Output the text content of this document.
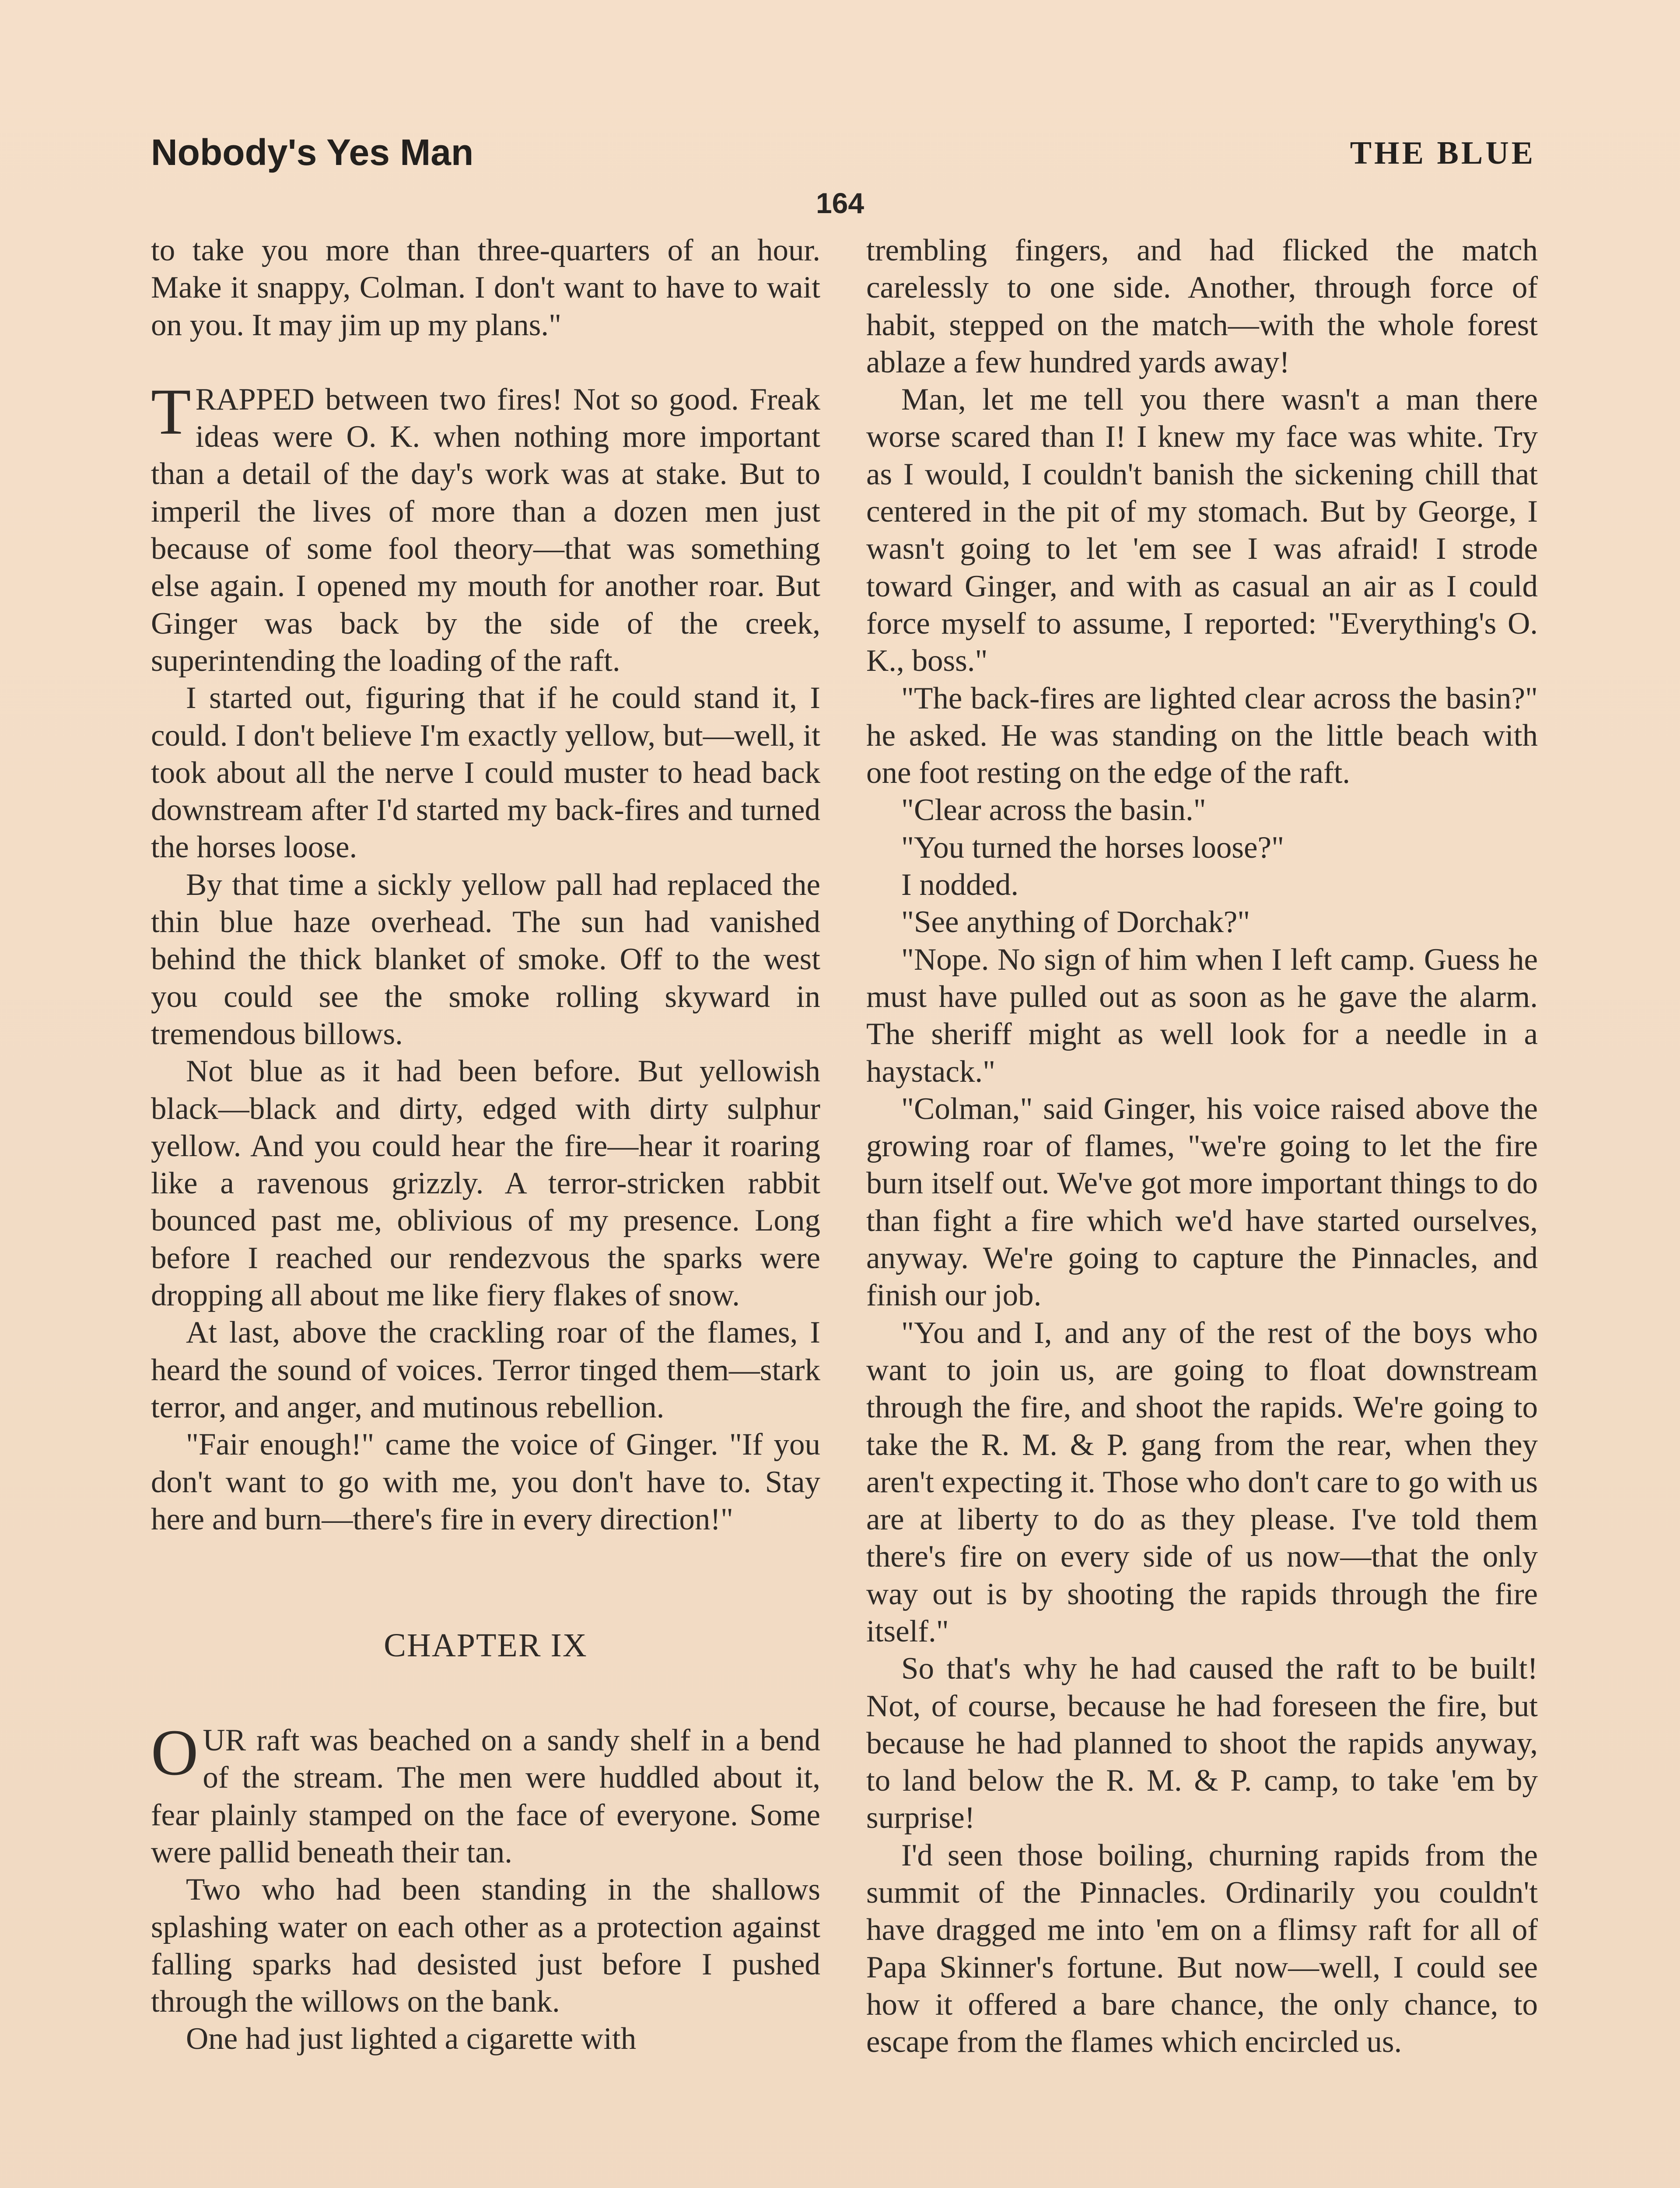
Nobody's Yes Man	THE BLUE
164

to take you more than three-quarters of an hour. Make it snappy, Colman. I don't want to have to wait on you. It may jim up my plans."

TRAPPED between two fires! Not so good. Freak ideas were O. K. when nothing more important than a detail of the day's work was at stake. But to imperil the lives of more than a dozen men just because of some fool theory—that was something else again. I opened my mouth for another roar. But Ginger was back by the side of the creek, superintending the loading of the raft.

I started out, figuring that if he could stand it, I could. I don't believe I'm exactly yellow, but—well, it took about all the nerve I could muster to head back downstream after I'd started my back-fires and turned the horses loose.

By that time a sickly yellow pall had replaced the thin blue haze overhead. The sun had vanished behind the thick blanket of smoke. Off to the west you could see the smoke rolling skyward in tremendous billows.

Not blue as it had been before. But yellowish black—black and dirty, edged with dirty sulphur yellow. And you could hear the fire—hear it roaring like a ravenous grizzly. A terror-stricken rabbit bounced past me, oblivious of my presence. Long before I reached our rendezvous the sparks were dropping all about me like fiery flakes of snow.

At last, above the crackling roar of the flames, I heard the sound of voices. Terror tinged them—stark terror, and anger, and mutinous rebellion.

"Fair enough!" came the voice of Ginger. "If you don't want to go with me, you don't have to. Stay here and burn—there's fire in every direction!"

CHAPTER IX

OUR raft was beached on a sandy shelf in a bend of the stream. The men were huddled about it, fear plainly stamped on the face of everyone. Some were pallid beneath their tan.

Two who had been standing in the shallows splashing water on each other as a protection against falling sparks had desisted just before I pushed through the willows on the bank.

One had just lighted a cigarette with

trembling fingers, and had flicked the match carelessly to one side. Another, through force of habit, stepped on the match—with the whole forest ablaze a few hundred yards away!

Man, let me tell you there wasn't a man there worse scared than I! I knew my face was white. Try as I would, I couldn't banish the sickening chill that centered in the pit of my stomach. But by George, I wasn't going to let 'em see I was afraid! I strode toward Ginger, and with as casual an air as I could force myself to assume, I reported: "Everything's O. K., boss."

"The back-fires are lighted clear across the basin?" he asked. He was standing on the little beach with one foot resting on the edge of the raft.

"Clear across the basin."

"You turned the horses loose?"

I nodded.

"See anything of Dorchak?"

"Nope. No sign of him when I left camp. Guess he must have pulled out as soon as he gave the alarm. The sheriff might as well look for a needle in a haystack."

"Colman," said Ginger, his voice raised above the growing roar of flames, "we're going to let the fire burn itself out. We've got more important things to do than fight a fire which we'd have started ourselves, anyway. We're going to capture the Pinnacles, and finish our job.

"You and I, and any of the rest of the boys who want to join us, are going to float downstream through the fire, and shoot the rapids. We're going to take the R. M. & P. gang from the rear, when they aren't expecting it. Those who don't care to go with us are at liberty to do as they please. I've told them there's fire on every side of us now—that the only way out is by shooting the rapids through the fire itself."

So that's why he had caused the raft to be built! Not, of course, because he had foreseen the fire, but because he had planned to shoot the rapids anyway, to land below the R. M. & P. camp, to take 'em by surprise!

I'd seen those boiling, churning rapids from the summit of the Pinnacles. Ordinarily you couldn't have dragged me into 'em on a flimsy raft for all of Papa Skinner's fortune. But now—well, I could see how it offered a bare chance, the only chance, to escape from the flames which encircled us.
